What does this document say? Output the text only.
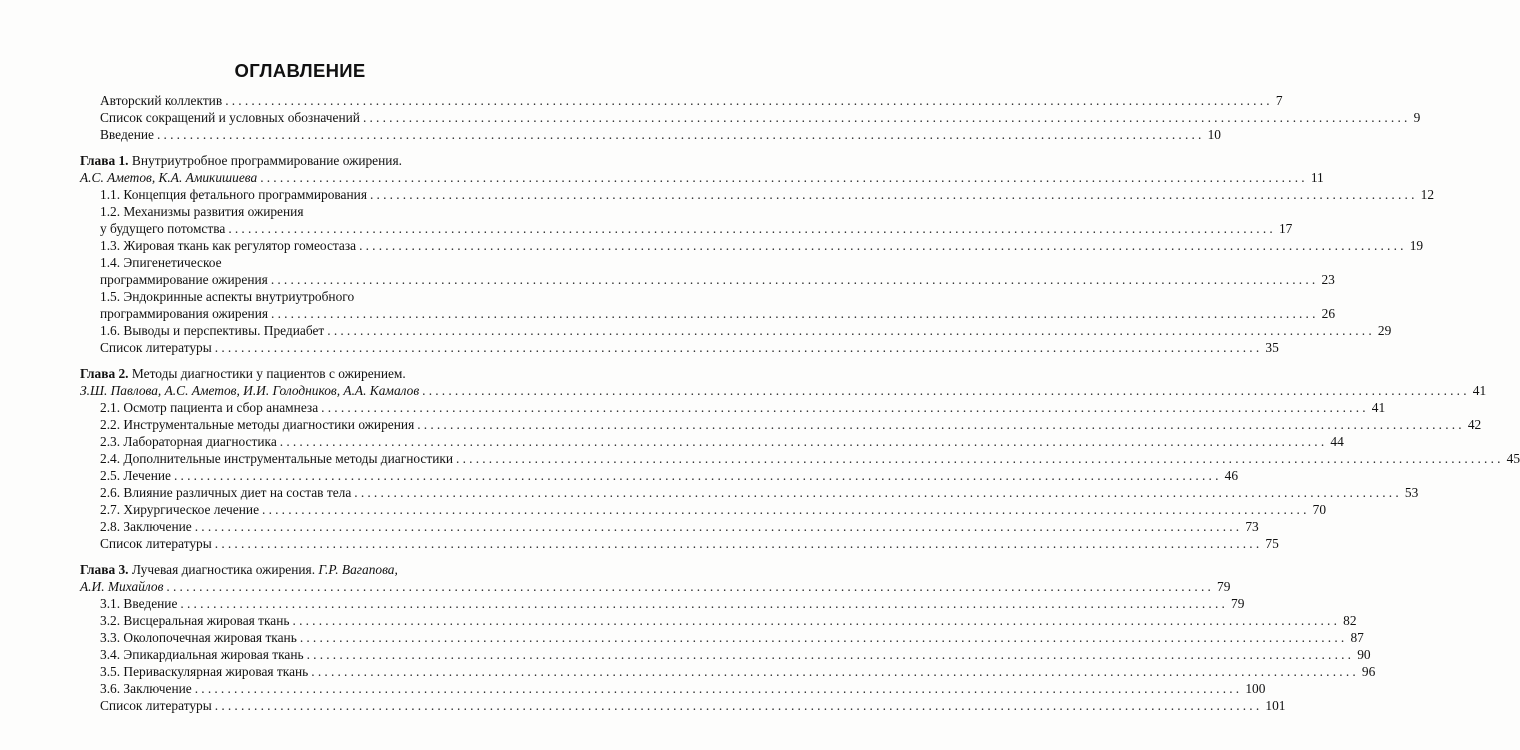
ОГЛАВЛЕНИЕ
Авторский коллектив ................................................................................................................................................................ 7
Список сокращений и условных обозначений ................................................................................................................................................................ 9
Введение ................................................................................................................................................................ 10
Глава 1. Внутриутробное программирование ожирения.
А.С. Аметов, К.А. Амикишиева ................................................................................................................................................................ 11
1.1. Концепция фетального программирования ................................................................................................................................................................ 12
1.2. Механизмы развития ожирения
у будущего потомства ................................................................................................................................................................ 17
1.3. Жировая ткань как регулятор гомеостаза ................................................................................................................................................................ 19
1.4. Эпигенетическое
программирование ожирения ................................................................................................................................................................ 23
1.5. Эндокринные аспекты внутриутробного
программирования ожирения ................................................................................................................................................................ 26
1.6. Выводы и перспективы. Предиабет ................................................................................................................................................................ 29
Список литературы ................................................................................................................................................................ 35
Глава 2. Методы диагностики у пациентов с ожирением.
З.Ш. Павлова, А.С. Аметов, И.И. Голодников, А.А. Камалов ................................................................................................................................................................ 41
2.1. Осмотр пациента и сбор анамнеза ................................................................................................................................................................ 41
2.2. Инструментальные методы диагностики ожирения ................................................................................................................................................................ 42
2.3. Лабораторная диагностика ................................................................................................................................................................ 44
2.4. Дополнительные инструментальные методы диагностики ................................................................................................................................................................ 45
2.5. Лечение ................................................................................................................................................................ 46
2.6. Влияние различных диет на состав тела ................................................................................................................................................................ 53
2.7. Хирургическое лечение ................................................................................................................................................................ 70
2.8. Заключение ................................................................................................................................................................ 73
Список литературы ................................................................................................................................................................ 75
Глава 3. Лучевая диагностика ожирения. Г.Р. Вагапова,
А.И. Михайлов ................................................................................................................................................................ 79
3.1. Введение ................................................................................................................................................................ 79
3.2. Висцеральная жировая ткань ................................................................................................................................................................ 82
3.3. Околопочечная жировая ткань ................................................................................................................................................................ 87
3.4. Эпикардиальная жировая ткань ................................................................................................................................................................ 90
3.5. Периваскулярная жировая ткань ................................................................................................................................................................ 96
3.6. Заключение ................................................................................................................................................................ 100
Список литературы ................................................................................................................................................................ 101
